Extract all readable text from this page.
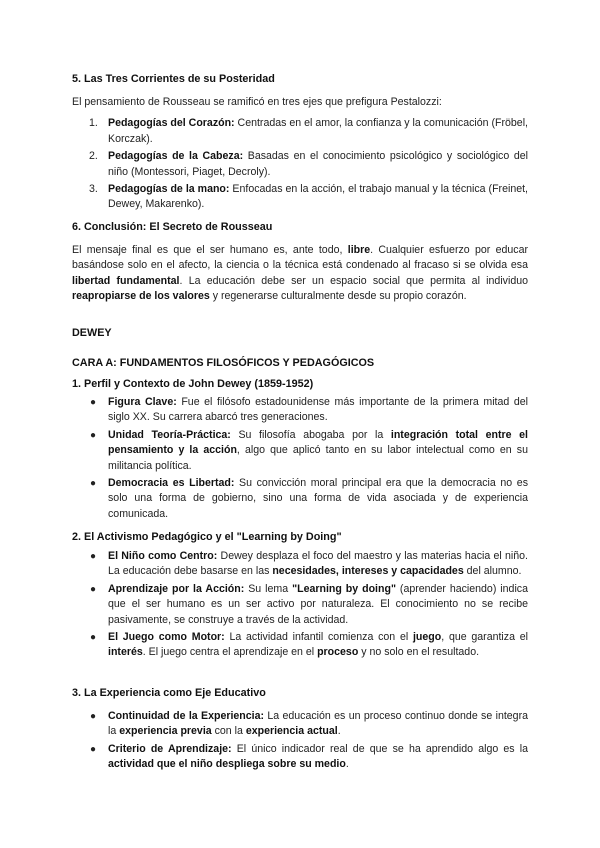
5. Las Tres Corrientes de su Posteridad

El pensamiento de Rousseau se ramificó en tres ejes que prefigura Pestalozzi:

1. Pedagogías del Corazón: Centradas en el amor, la confianza y la comunicación (Fröbel, Korczak).
2. Pedagogías de la Cabeza: Basadas en el conocimiento psicológico y sociológico del niño (Montessori, Piaget, Decroly).
3. Pedagogías de la mano: Enfocadas en la acción, el trabajo manual y la técnica (Freinet, Dewey, Makarenko).
6. Conclusión: El Secreto de Rousseau

El mensaje final es que el ser humano es, ante todo, libre. Cualquier esfuerzo por educar basándose solo en el afecto, la ciencia o la técnica está condenado al fracaso si se olvida esa libertad fundamental. La educación debe ser un espacio social que permita al individuo reapropiarse de los valores y regenerarse culturalmente desde su propio corazón.

DEWEY
CARA A: FUNDAMENTOS FILOSÓFICOS Y PEDAGÓGICOS
1. Perfil y Contexto de John Dewey (1859-1952)
● Figura Clave: Fue el filósofo estadounidense más importante de la primera mitad del siglo XX. Su carrera abarcó tres generaciones.
● Unidad Teoría-Práctica: Su filosofía abogaba por la integración total entre el pensamiento y la acción, algo que aplicó tanto en su labor intelectual como en su militancia política.
● Democracia es Libertad: Su convicción moral principal era que la democracia no es solo una forma de gobierno, sino una forma de vida asociada y de experiencia comunicada.
2. El Activismo Pedagógico y el "Learning by Doing"
● El Niño como Centro: Dewey desplaza el foco del maestro y las materias hacia el niño. La educación debe basarse en las necesidades, intereses y capacidades del alumno.
● Aprendizaje por la Acción: Su lema "Learning by doing" (aprender haciendo) indica que el ser humano es un ser activo por naturaleza. El conocimiento no se recibe pasivamente, se construye a través de la actividad.
● El Juego como Motor: La actividad infantil comienza con el juego, que garantiza el interés. El juego centra el aprendizaje en el proceso y no solo en el resultado.
3. La Experiencia como Eje Educativo
● Continuidad de la Experiencia: La educación es un proceso continuo donde se integra la experiencia previa con la experiencia actual.
● Criterio de Aprendizaje: El único indicador real de que se ha aprendido algo es la actividad que el niño despliega sobre su medio.
